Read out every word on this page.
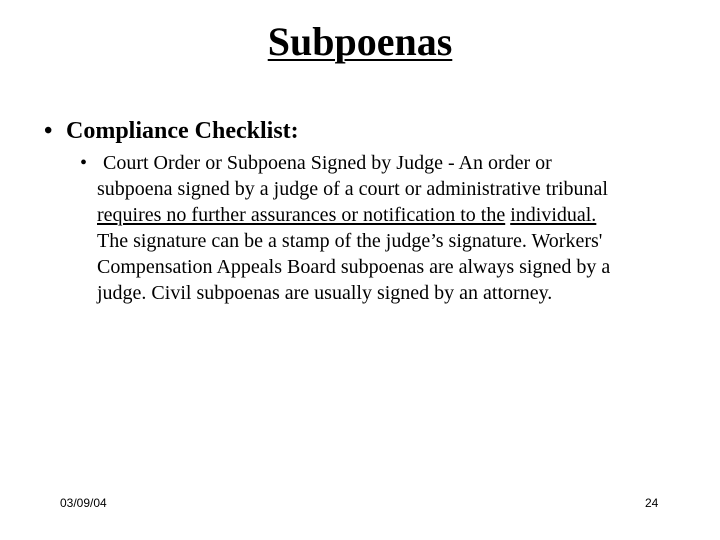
Subpoenas
• Compliance Checklist:
• Court Order or Subpoena Signed by Judge - An order or
subpoena signed by a judge of a court or administrative tribunal
requires no further assurances or notification to the individual.
The signature can be a stamp of the judge’s signature. Workers'
Compensation Appeals Board subpoenas are always signed by a
judge. Civil subpoenas are usually signed by an attorney.
03/09/04	24
